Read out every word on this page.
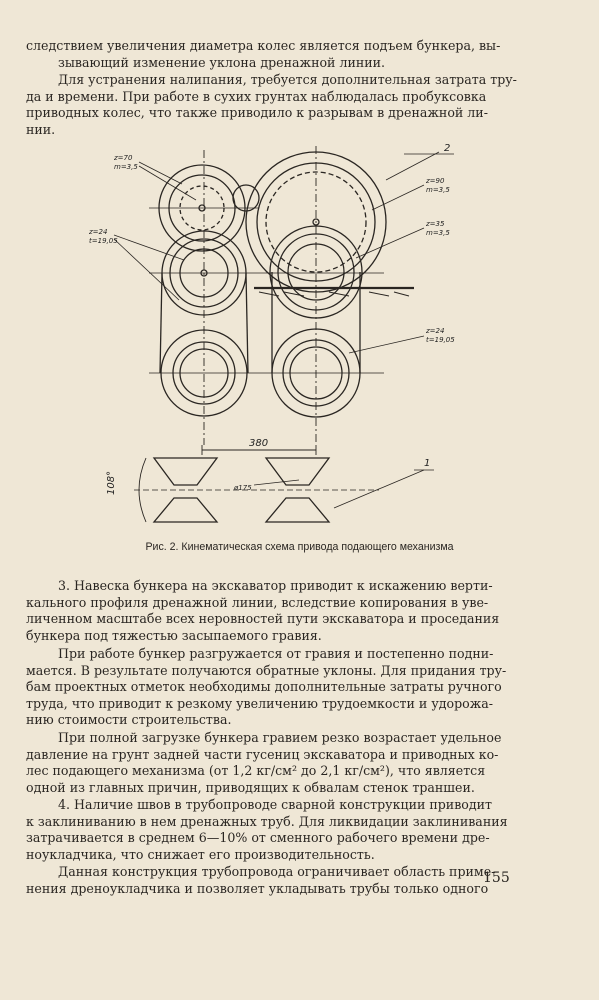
следствием увеличения диаметра колес является подъем бункера, вы-
зывающий изменение уклона дренажной линии.

Для устранения налипания, требуется дополнительная затрата тру-
да и времени. При работе в сухих грунтах наблюдалась пробуксовка
приводных колес, что также приводило к разрывам в дренажной ли-
нии.

z=70
m=3,5
z=24
t=19,05
2
z=90
m=3,5
z=35
m=3,5
z=24
t=19,05
380
108°	ø175
1
Рис. 2. Кинематическая схема привода подающего механизма

3. Навеска бункера на экскаватор приводит к искажению верти-
кального профиля дренажной линии, вследствие копирования в уве-
личенном масштабе всех неровностей пути экскаватора и проседания
бункера под тяжестью засыпаемого гравия.

При работе бункер разгружается от гравия и постепенно подни-
мается. В результате получаются обратные уклоны. Для придания тру-
бам проектных отметок необходимы дополнительные затраты ручного
труда, что приводит к резкому увеличению трудоемкости и удорожа-
нию стоимости строительства.

При полной загрузке бункера гравием резко возрастает удельное
давление на грунт задней части гусениц экскаватора и приводных ко-
лес подающего механизма (от 1,2 кг/см² до 2,1 кг/см²), что является
одной из главных причин, приводящих к обвалам стенок траншеи.

4. Наличие швов в трубопроводе сварной конструкции приводит
к заклиниванию в нем дренажных труб. Для ликвидации заклинивания
затрачивается в среднем 6—10% от сменного рабочего времени дре-
ноукладчика, что снижает его производительность.

Данная конструкция трубопровода ограничивает область приме-
нения дреноукладчика и позволяет укладывать трубы только одного

155
